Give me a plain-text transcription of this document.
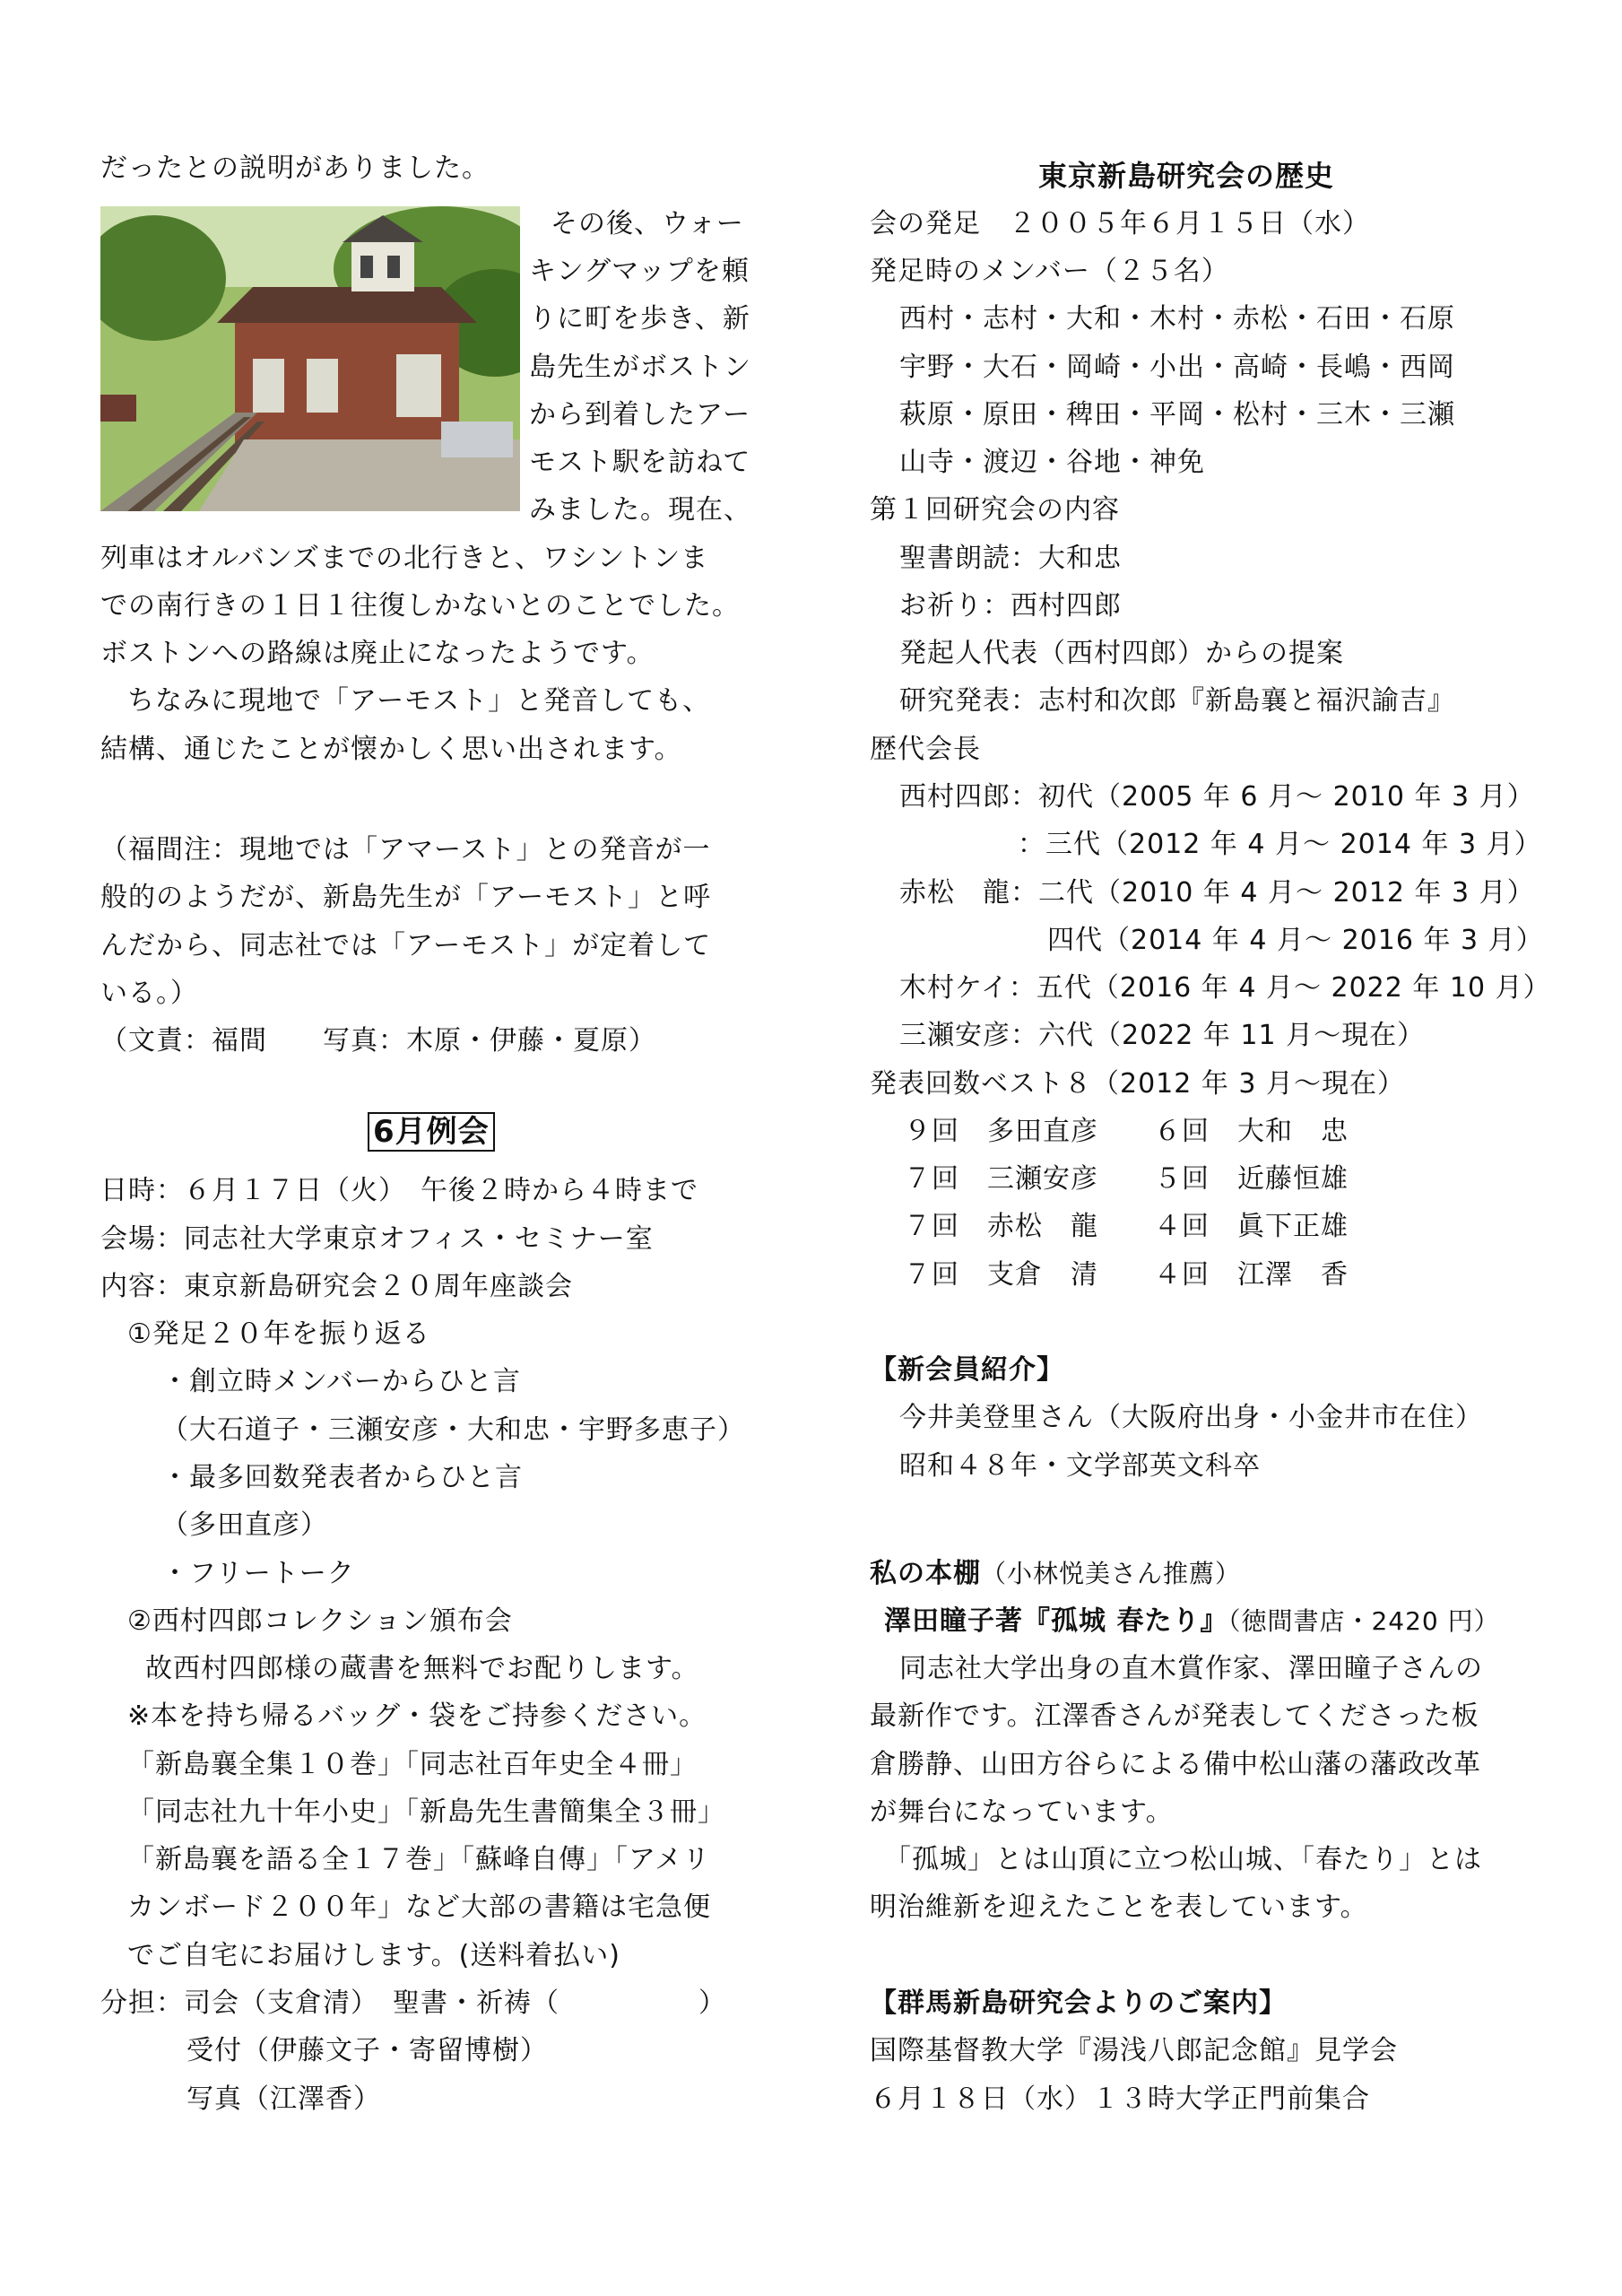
だったとの説明がありました。
その後、ウォー
キングマップを頼
りに町を歩き、新
島先生がボストン
から到着したアー
モスト駅を訪ねて
みました。現在、
列車はオルバンズまでの北行きと、ワシントンま
での南行きの１日１往復しかないとのことでした。
ボストンへの路線は廃止になったようです。
ちなみに現地で「アーモスト」と発音しても、
結構、通じたことが懐かしく思い出されます。
（福間注：現地では「アマースト」との発音が一
般的のようだが、新島先生が「アーモスト」と呼
んだから、同志社では「アーモスト」が定着して
いる。）
（文責：福間　　写真：木原・伊藤・夏原）
6月例会
日時：６月１７日（火）　午後２時から４時まで
会場：同志社大学東京オフィス・セミナー室
内容：東京新島研究会２０周年座談会
①発足２０年を振り返る
・創立時メンバーからひと言
（大石道子・三瀬安彦・大和忠・宇野多恵子）
・最多回数発表者からひと言
（多田直彦）
・フリートーク
②西村四郎コレクション頒布会
故西村四郎様の蔵書を無料でお配りします。
※本を持ち帰るバッグ・袋をご持参ください。
「新島襄全集１０巻」「同志社百年史全４冊」
「同志社九十年小史」「新島先生書簡集全３冊」
「新島襄を語る全１７巻」「蘇峰自傳」「アメリ
カンボード２００年」など大部の書籍は宅急便
でご自宅にお届けします。(送料着払い)
分担：司会（支倉清）　聖書・祈祷（　　　　　）
受付（伊藤文子・寄留博樹）
写真（江澤香）
東京新島研究会の歴史
会の発足　２００５年６月１５日（水）
発足時のメンバー（２５名）
西村・志村・大和・木村・赤松・石田・石原
宇野・大石・岡崎・小出・高崎・長嶋・西岡
萩原・原田・稗田・平岡・松村・三木・三瀬
山寺・渡辺・谷地・神免
第１回研究会の内容
聖書朗読：大和忠
お祈り：西村四郎
発起人代表（西村四郎）からの提案
研究発表：志村和次郎『新島襄と福沢諭吉』
歴代会長
西村四郎：初代（2005 年 6 月～ 2010 年 3 月）
：三代（2012 年 4 月～ 2014 年 3 月）
赤松　龍：二代（2010 年 4 月～ 2012 年 3 月）
四代（2014 年 4 月～ 2016 年 3 月）
木村ケイ：五代（2016 年 4 月～ 2022 年 10 月）
三瀬安彦：六代（2022 年 11 月～現在）
発表回数ベスト８（2012 年 3 月～現在）
９回　多田直彦　　６回　大和　忠
７回　三瀬安彦　　５回　近藤恒雄
７回　赤松　龍　　４回　眞下正雄
７回　支倉　清　　４回　江澤　香
【新会員紹介】
今井美登里さん（大阪府出身・小金井市在住）
昭和４８年・文学部英文科卒
私の本棚（小林悦美さん推薦）
澤田瞳子著『孤城 春たり』（徳間書店・2420 円）
同志社大学出身の直木賞作家、澤田瞳子さんの
最新作です。江澤香さんが発表してくださった板
倉勝静、山田方谷らによる備中松山藩の藩政改革
が舞台になっています。
「孤城」とは山頂に立つ松山城、「春たり」とは
明治維新を迎えたことを表しています。
【群馬新島研究会よりのご案内】
国際基督教大学『湯浅八郎記念館』見学会
６月１８日（水）１３時大学正門前集合
